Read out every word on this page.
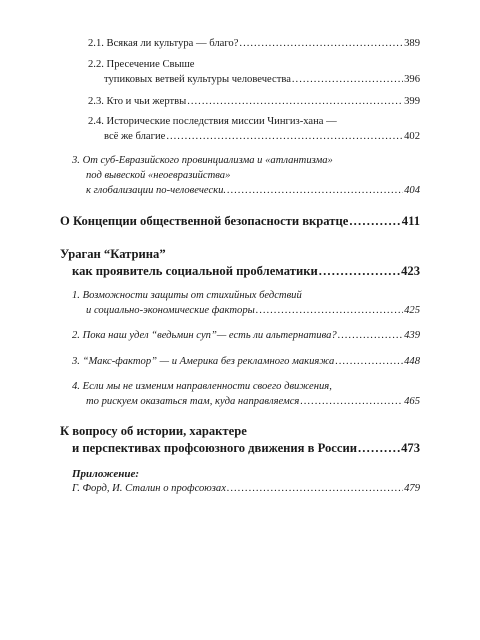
2.1. Всякая ли культура — благо? .....	389
2.2. Пресечение Свыше
тупиковых ветвей культуры человечества .....	396
2.3. Кто и чьи жертвы .....	399
2.4. Исторические последствия миссии Чингиз-хана —
всё же благие .....	402
3. От суб-Евразийского провинциализма и «атлантизма»
под вывеской «неоевразийства»
к глобализации по-человечески. .....	404
О Концепции общественной безопасности вкратце .....	411
Ураган “Катрина”
как проявитель социальной проблематики .....	423
1. Возможности защиты от стихийных бедствий
и социально-экономические факторы .....	425
2. Пока наш удел “ведьмин суп”— есть ли альтернатива? .....	439
3. “Макс-фактор” — и Америка без рекламного макияжа .....	448
4. Если мы не изменим направленности своего движения,
то рискуем оказаться там, куда направляемся .....	465
К вопросу об истории, характере
и перспективах профсоюзного движения в России .....	473
Приложение:
Г. Форд, И. Сталин о профсоюзах .....	479
